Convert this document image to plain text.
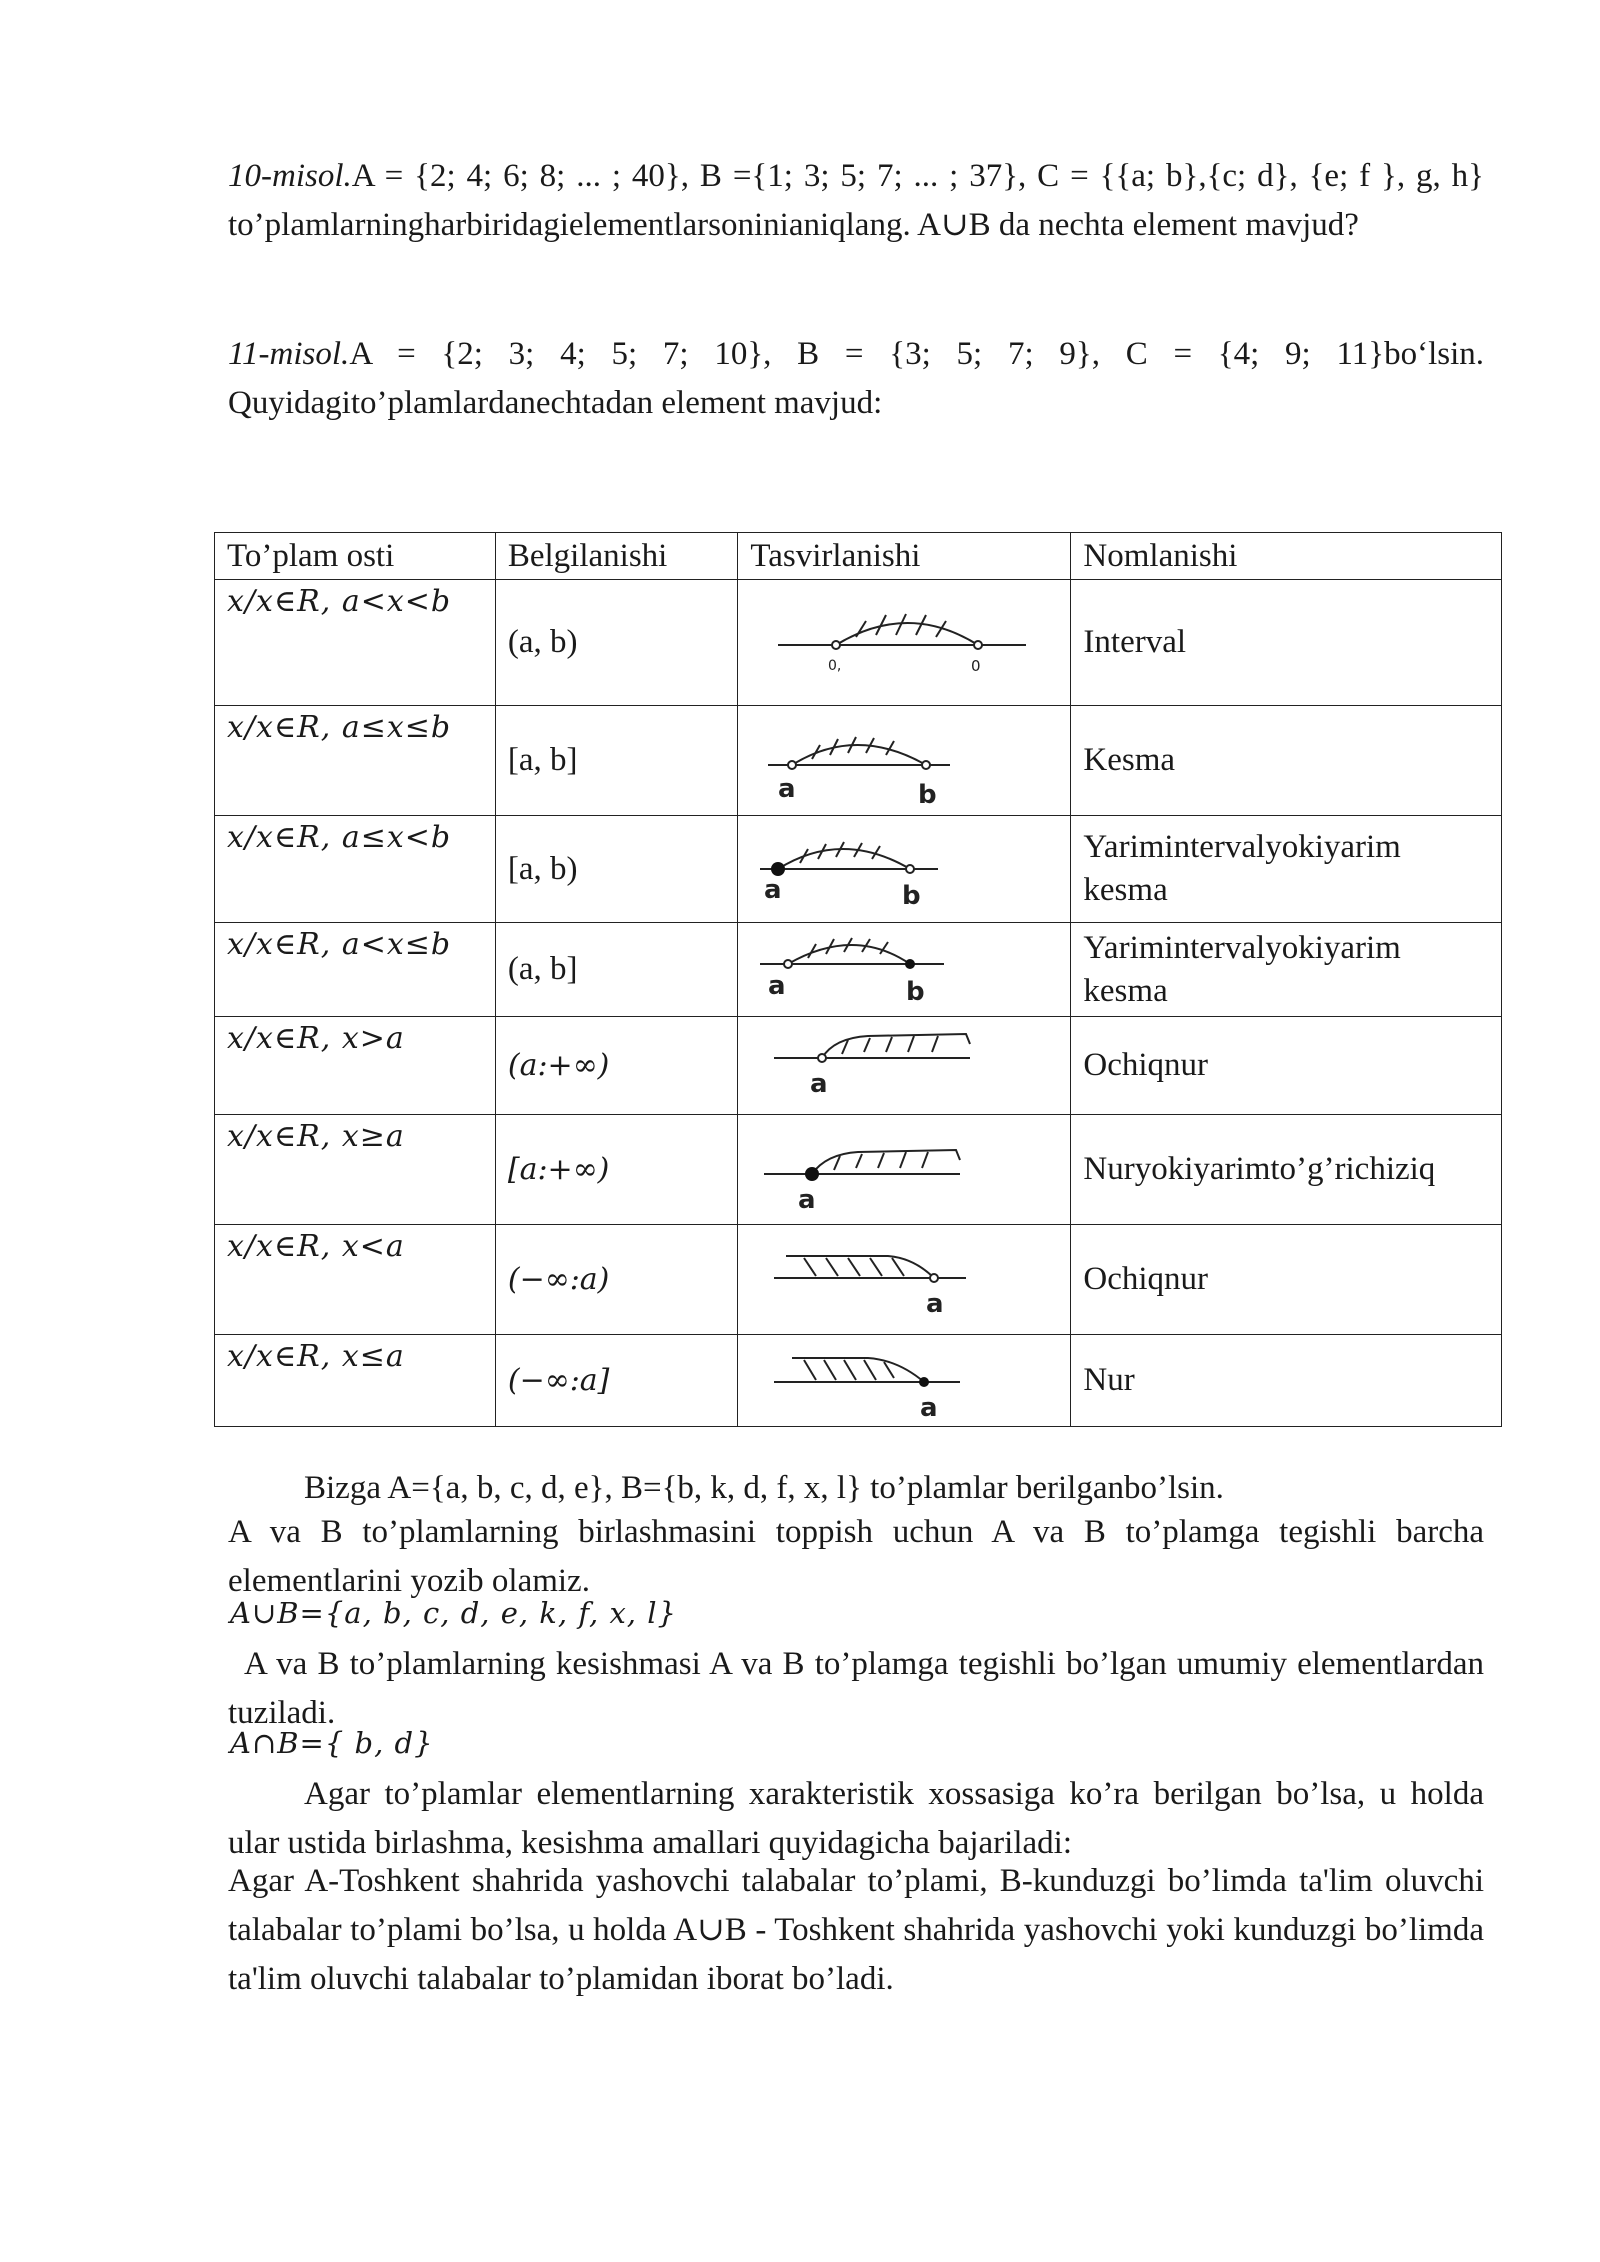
10-misol.A = {2; 4; 6; 8; ... ; 40}, B ={1; 3; 5; 7; ... ; 37}, C = {{a; b},{c; d}, {e; f }, g, h} to’plamlarningharbiridagielementlarsoninianiqlang. A∪B da nechta element mavjud?
11-misol.A = {2; 3; 4; 5; 7; 10}, B = {3; 5; 7; 9}, C = {4; 9; 11}bo‘lsin. Quyidagito’plamlardanechtadan element mavjud:
To’plam osti	Belgilanishi	Tasvirlanishi	Nomlanishi
x/x∈R, a<x<b	(a, b)	0, 0	Interval
x/x∈R, a≤x≤b	[a, b]	a b	Kesma
x/x∈R, a≤x<b	[a, b)	a b	Yarimintervalyokiyarim kesma
x/x∈R, a<x≤b	(a, b]	a b	Yarimintervalyokiyarim kesma
x/x∈R, x>a	(a:+∞)	a	Ochiqnur
x/x∈R, x≥a	[a:+∞)	a	Nuryokiyarimto’g’richiziq
x/x∈R, x<a	(−∞:a)	a	Ochiqnur
x/x∈R, x≤a	(−∞:a]	a	Nur
Bizga A={a, b, c, d, e}, B={b, k, d, f, x, l} to’plamlar berilganbo’lsin.
A va B to’plamlarning birlashmasini toppish uchun A va B to’plamga tegishli barcha elementlarini yozib olamiz.
A∪B={a, b, c, d, e, k, f, x, l}
A va B to’plamlarning kesishmasi A va B to’plamga tegishli bo’lgan umumiy elementlardan tuziladi.
A∩B={ b, d}
Agar to’plamlar elementlarning xarakteristik xossasiga ko’ra berilgan bo’lsa, u holda ular ustida birlashma, kesishma amallari quyidagicha bajariladi:
Agar A-Toshkent shahrida yashovchi talabalar to’plami, B-kunduzgi bo’limda ta'lim oluvchi talabalar to’plami bo’lsa, u holda A∪B - Toshkent shahrida yashovchi yoki kunduzgi bo’limda ta'lim oluvchi talabalar to’plamidan iborat bo’ladi.
